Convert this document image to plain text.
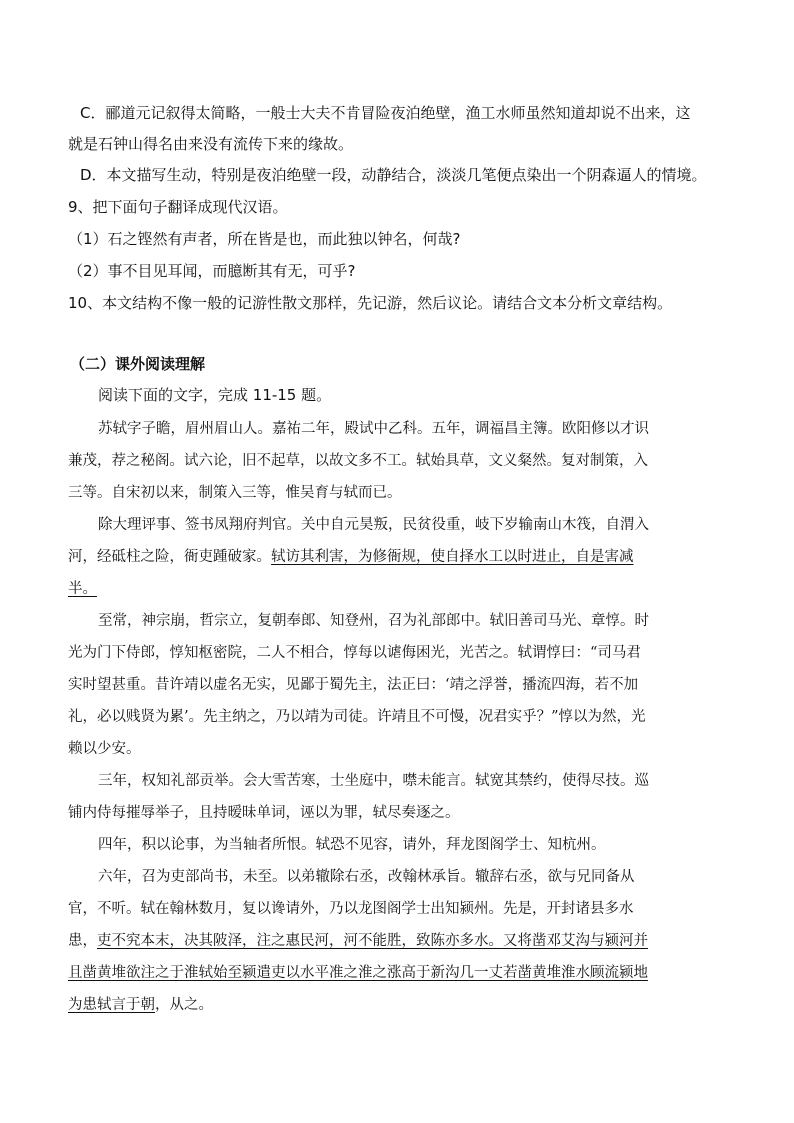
C．郦道元记叙得太简略，一般士大夫不肯冒险夜泊绝壁，渔工水师虽然知道却说不出来，这
就是石钟山得名由来没有流传下来的缘故。
D．本文描写生动，特别是夜泊绝壁一段，动静结合，淡淡几笔便点染出一个阴森逼人的情境。
9、把下面句子翻译成现代汉语。
（1）石之铿然有声者，所在皆是也，而此独以钟名，何哉?
（2）事不目见耳闻，而臆断其有无，可乎?
10、本文结构不像一般的记游性散文那样，先记游，然后议论。请结合文本分析文章结构。
（二）课外阅读理解
阅读下面的文字，完成 11-15 题。
苏轼字子瞻，眉州眉山人。嘉祐二年，殿试中乙科。五年，调福昌主簿。欧阳修以才识
兼茂，荐之秘阁。试六论，旧不起草，以故文多不工。轼始具草，文义粲然。复对制策，入
三等。自宋初以来，制策入三等，惟吴育与轼而已。
除大理评事、签书凤翔府判官。关中自元昊叛，民贫役重，岐下岁输南山木筏，自渭入
河，经砥柱之险，衙吏踵破家。轼访其利害，为修衙规，使自择水工以时进止，自是害减
半。
至常，神宗崩，哲宗立，复朝奉郎、知登州，召为礼部郎中。轼旧善司马光、章惇。时
光为门下侍郎，惇知枢密院，二人不相合，惇每以谑侮困光，光苦之。轼谓惇曰：“司马君
实时望甚重。昔许靖以虚名无实，见鄙于蜀先主，法正曰：‘靖之浮誉，播流四海，若不加
礼，必以贱贤为累’。先主纳之，乃以靖为司徒。许靖且不可慢，况君实乎？”惇以为然，光
赖以少安。
三年，权知礼部贡举。会大雪苦寒，士坐庭中，噤未能言。轼宽其禁约，使得尽技。巡
铺内侍每摧辱举子，且持暧昧单词，诬以为罪，轼尽奏逐之。
四年，积以论事，为当轴者所恨。轼恐不见容，请外，拜龙图阁学士、知杭州。
六年，召为吏部尚书，未至。以弟辙除右丞，改翰林承旨。辙辞右丞，欲与兄同备从
官，不听。轼在翰林数月，复以谗请外，乃以龙图阁学士出知颍州。先是，开封诸县多水
患，吏不究本末，决其陂泽，注之惠民河，河不能胜，致陈亦多水。又将凿邓艾沟与颍河并
且凿黄堆欲注之于淮轼始至颍遣吏以水平准之淮之涨高于新沟几一丈若凿黄堆淮水顾流颍地
为患轼言于朝，从之。
